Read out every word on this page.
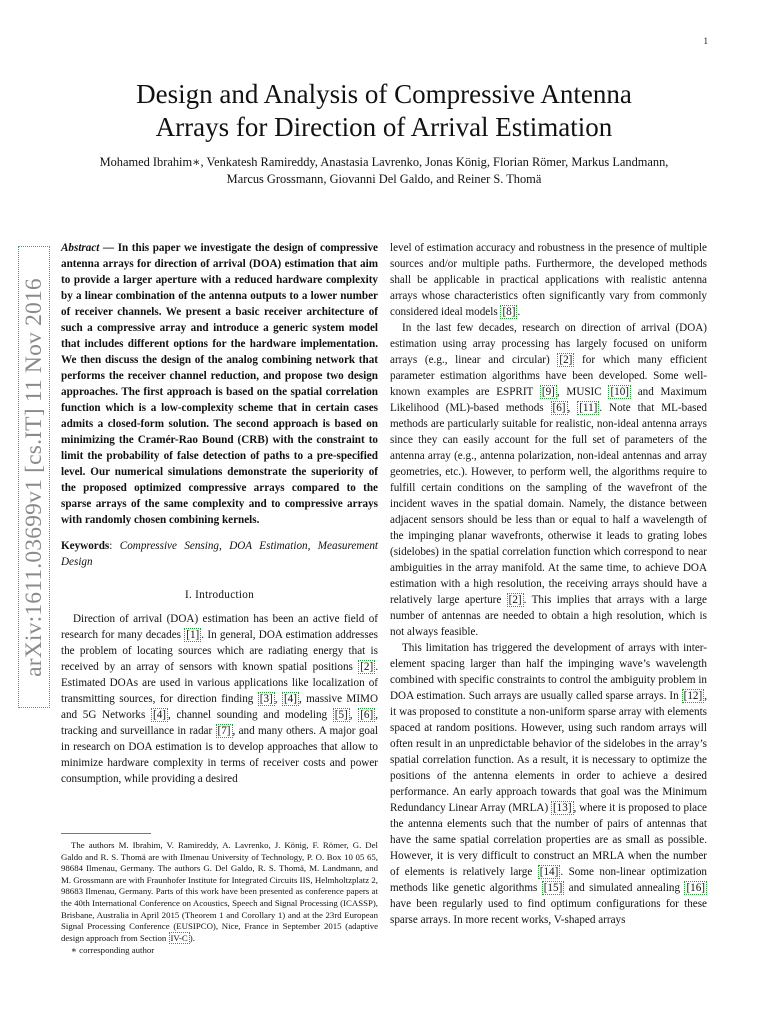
1
Design and Analysis of Compressive Antenna
Arrays for Direction of Arrival Estimation
Mohamed Ibrahim∗, Venkatesh Ramireddy, Anastasia Lavrenko, Jonas König, Florian Römer, Markus Landmann,
Marcus Grossmann, Giovanni Del Galdo, and Reiner S. Thomä
arXiv:1611.03699v1 [cs.IT] 11 Nov 2016

Abstract — In this paper we investigate the design of compressive antenna arrays for direction of arrival (DOA) estimation that aim to provide a larger aperture with a reduced hardware complexity by a linear combination of the antenna outputs to a lower number of receiver channels. We present a basic receiver architecture of such a compressive array and introduce a generic system model that includes different options for the hardware implementation. We then discuss the design of the analog combining network that performs the receiver channel reduction, and propose two design approaches. The first approach is based on the spatial correlation function which is a low-complexity scheme that in certain cases admits a closed-form solution. The second approach is based on minimizing the Cramér-Rao Bound (CRB) with the constraint to limit the probability of false detection of paths to a pre-specified level. Our numerical simulations demonstrate the superiority of the proposed optimized compressive arrays compared to the sparse arrays of the same complexity and to compressive arrays with randomly chosen combining kernels.

Keywords: Compressive Sensing, DOA Estimation, Measurement Design

I. Introduction

Direction of arrival (DOA) estimation has been an active field of research for many decades [1] . In general, DOA estimation addresses the problem of locating sources which are radiating energy that is received by an array of sensors with known spatial positions [2] . Estimated DOAs are used in various applications like localization of transmitting sources, for direction finding [3] , [4] , massive MIMO and 5G Networks [4] , channel sounding and modeling [5] , [6] , tracking and surveillance in radar [7] , and many others. A major goal in research on DOA estimation is to develop approaches that allow to minimize hardware complexity in terms of receiver costs and power consumption, while providing a desired

The authors M. Ibrahim, V. Ramireddy, A. Lavrenko, J. König, F. Römer, G. Del Galdo and R. S. Thomä are with Ilmenau University of Technology, P. O. Box 10 05 65, 98684 Ilmenau, Germany. The authors G. Del Galdo, R. S. Thomä, M. Landmann, and M. Grossmann are with Fraunhofer Institute for Integrated Circuits IIS, Helmholtzplatz 2, 98683 Ilmenau, Germany. Parts of this work have been presented as conference papers at the 40th International Conference on Acoustics, Speech and Signal Processing (ICASSP), Brisbane, Australia in April 2015 (Theorem 1 and Corollary 1) and at the 23rd European Signal Processing Conference (EUSIPCO), Nice, France in September 2015 (adaptive design approach from Section IV-C ).

∗ corresponding author

level of estimation accuracy and robustness in the presence of multiple sources and/or multiple paths. Furthermore, the developed methods shall be applicable in practical applications with realistic antenna arrays whose characteristics often significantly vary from commonly considered ideal models [8] .

In the last few decades, research on direction of arrival (DOA) estimation using array processing has largely focused on uniform arrays (e.g., linear and circular) [2] for which many efficient parameter estimation algorithms have been developed. Some well-known examples are ESPRIT [9] , MUSIC [10] and Maximum Likelihood (ML)-based methods [6] , [11] . Note that ML-based methods are particularly suitable for realistic, non-ideal antenna arrays since they can easily account for the full set of parameters of the antenna array (e.g., antenna polarization, non-ideal antennas and array geometries, etc.). However, to perform well, the algorithms require to fulfill certain conditions on the sampling of the wavefront of the incident waves in the spatial domain. Namely, the distance between adjacent sensors should be less than or equal to half a wavelength of the impinging planar wavefronts, otherwise it leads to grating lobes (sidelobes) in the spatial correlation function which correspond to near ambiguities in the array manifold. At the same time, to achieve DOA estimation with a high resolution, the receiving arrays should have a relatively large aperture [2] . This implies that arrays with a large number of antennas are needed to obtain a high resolution, which is not always feasible.

This limitation has triggered the development of arrays with inter-element spacing larger than half the impinging wave’s wavelength combined with specific constraints to control the ambiguity problem in DOA estimation. Such arrays are usually called sparse arrays. In [12] , it was proposed to constitute a non-uniform sparse array with elements spaced at random positions. However, using such random arrays will often result in an unpredictable behavior of the sidelobes in the array’s spatial correlation function. As a result, it is necessary to optimize the positions of the antenna elements in order to achieve a desired performance. An early approach towards that goal was the Minimum Redundancy Linear Array (MRLA) [13] , where it is proposed to place the antenna elements such that the number of pairs of antennas that have the same spatial correlation properties are as small as possible. However, it is very difficult to construct an MRLA when the number of elements is relatively large [14] . Some non-linear optimization methods like genetic algorithms [15] and simulated annealing [16] have been regularly used to find optimum configurations for these sparse arrays. In more recent works, V-shaped arrays
